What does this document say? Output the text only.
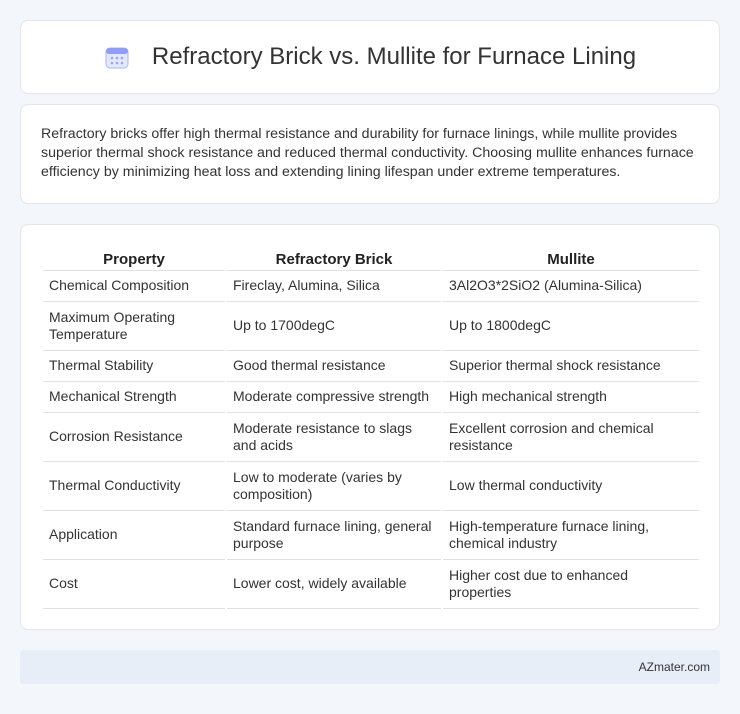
Refractory Brick vs. Mullite for Furnace Lining

Refractory bricks offer high thermal resistance and durability for furnace linings, while mullite provides superior thermal shock resistance and reduced thermal conductivity. Choosing mullite enhances furnace efficiency by minimizing heat loss and extending lining lifespan under extreme temperatures.

Property	Refractory Brick	Mullite
Chemical Composition	Fireclay, Alumina, Silica	3Al2O3*2SiO2 (Alumina-Silica)
Maximum Operating Temperature	Up to 1700degC	Up to 1800degC
Thermal Stability	Good thermal resistance	Superior thermal shock resistance
Mechanical Strength	Moderate compressive strength	High mechanical strength
Corrosion Resistance	Moderate resistance to slags and acids	Excellent corrosion and chemical resistance
Thermal Conductivity	Low to moderate (varies by composition)	Low thermal conductivity
Application	Standard furnace lining, general purpose	High-temperature furnace lining, chemical industry
Cost	Lower cost, widely available	Higher cost due to enhanced properties
AZmater.com
